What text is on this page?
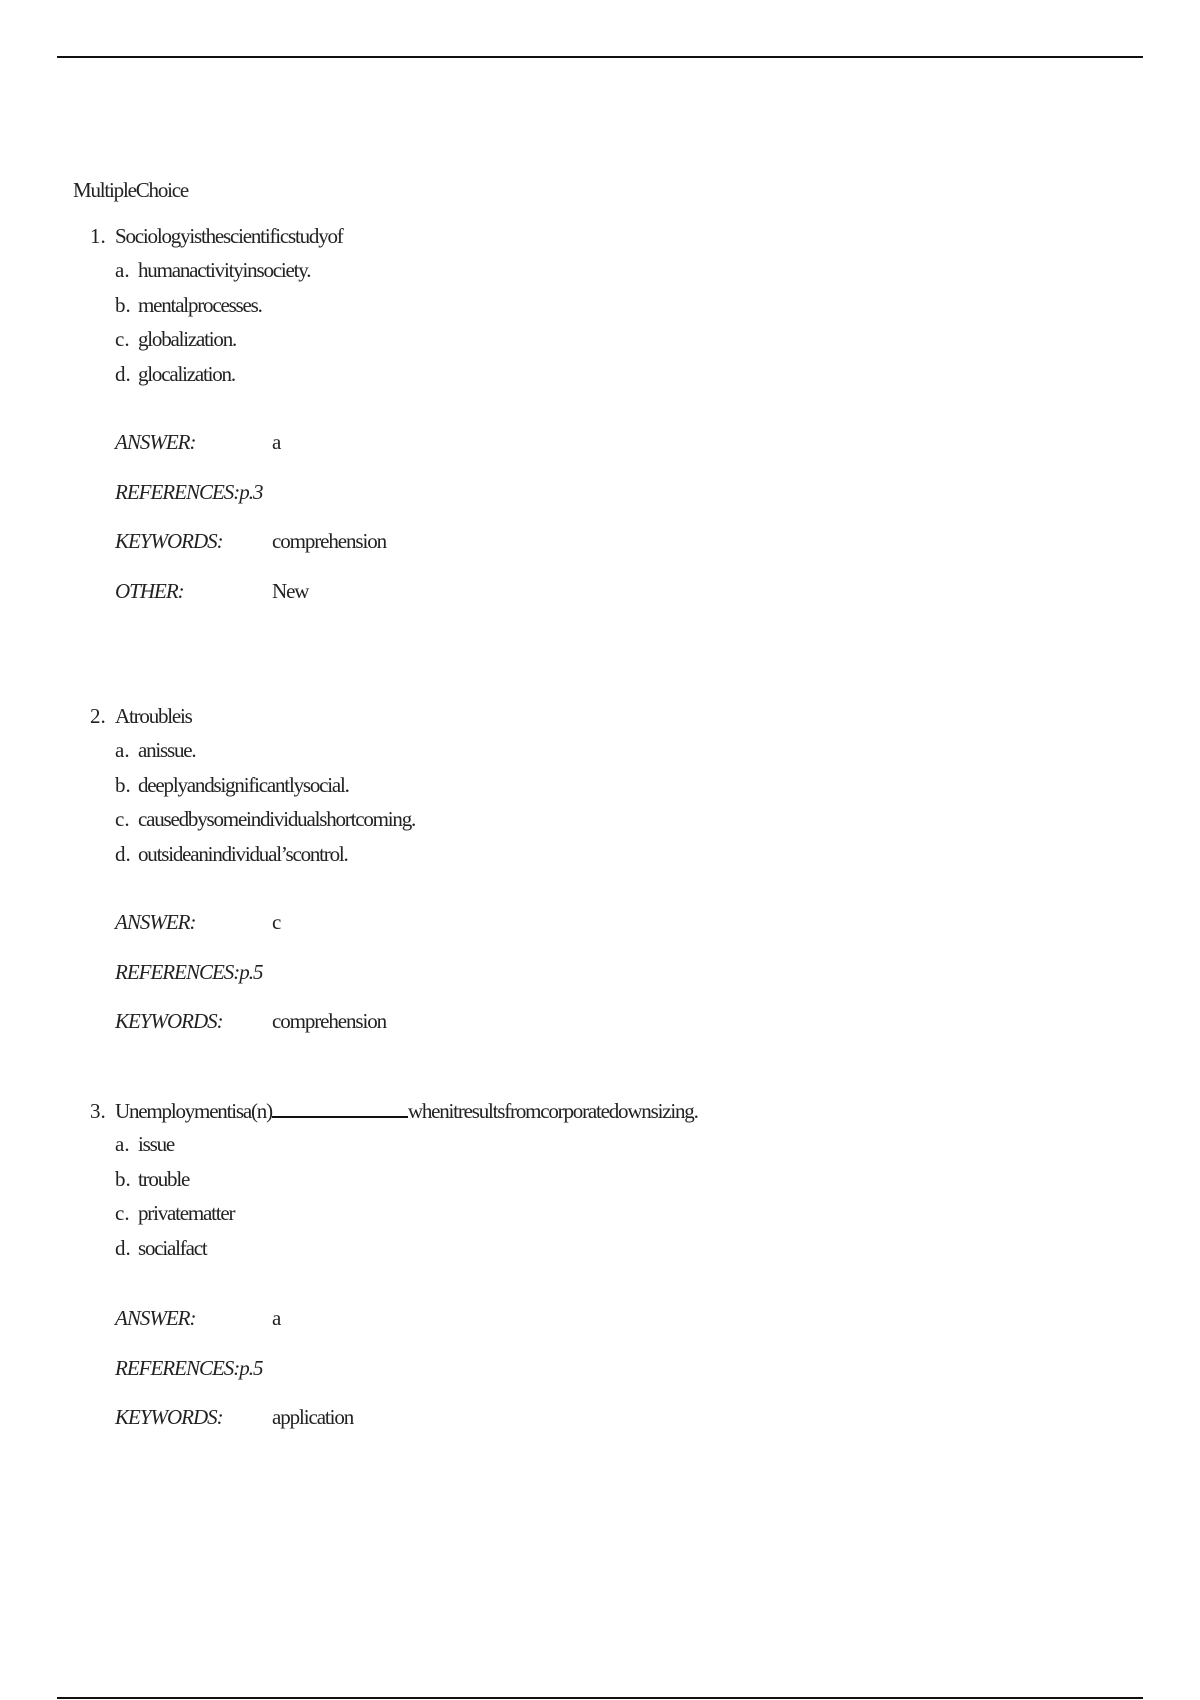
MultipleChoice
1. Sociologyisthescientificstudyof
a. humanactivityinsociety.
b. mentalprocesses.
c. globalization.
d. glocalization.
ANSWER:	a
REFERENCES:p.3
KEYWORDS: comprehension
OTHER:	New
2. Atroubleis
a. anissue.
b. deeplyandsignificantlysocial.
c. causedbysomeindividualshortcoming.
d. outsideanindividual’scontrol.
ANSWER:	c
REFERENCES:p.5
KEYWORDS: comprehension
3. Unemploymentisa(n)	whenitresultsfromcorporatedownsizing.
a. issue
b. trouble
c. privatematter
d. socialfact
ANSWER:	a
REFERENCES:p.5
KEYWORDS: application
